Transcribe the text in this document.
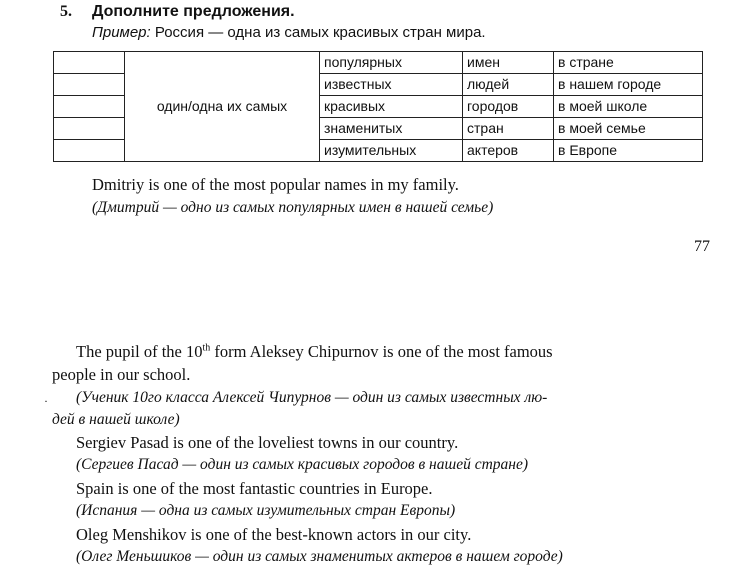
5. Дополните предложения.
Пример: Россия — одна из самых красивых стран мира.
	один/одна их самых	популярных	имен	в стране
		известных	людей	в нашем городе
		красивых	городов	в моей школе
		знаменитых	стран	в моей семье
		изумительных	актеров	в Европе
Dmitriy is one of the most popular names in my family.
(Дмитрий — одно из самых популярных имен в нашей семье)
77
The pupil of the 10th form Aleksey Chipurnov is one of the most famous
people in our school.
· (Ученик 10го класса Алексей Чипурнов — один из самых известных лю-
дей в нашей школе)
Sergiev Pasad is one of the loveliest towns in our country.
(Сергиев Пасад — один из самых красивых городов в нашей стране)
Spain is one of the most fantastic countries in Europe.
(Испания — одна из самых изумительных стран Европы)
Oleg Menshikov is one of the best-known actors in our city.
(Олег Меньшиков — один из самых знаменитых актеров в нашем городе)
